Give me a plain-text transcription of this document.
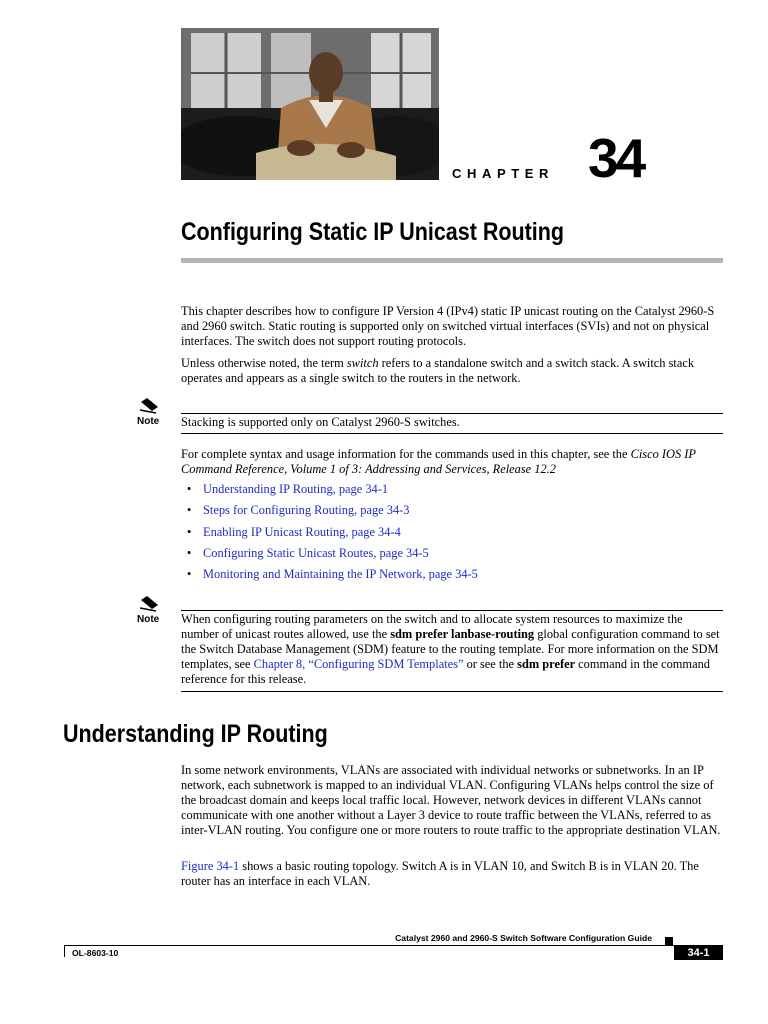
CHAPTER 34
Configuring Static IP Unicast Routing
This chapter describes how to configure IP Version 4 (IPv4) static IP unicast routing on the Catalyst 2960-S and 2960 switch. Static routing is supported only on switched virtual interfaces (SVIs) and not on physical interfaces. The switch does not support routing protocols.
Unless otherwise noted, the term switch refers to a standalone switch and a switch stack. A switch stack operates and appears as a single switch to the routers in the network.
Note Stacking is supported only on Catalyst 2960-S switches.
For complete syntax and usage information for the commands used in this chapter, see the Cisco IOS IP Command Reference, Volume 1 of 3: Addressing and Services, Release 12.2
• Understanding IP Routing, page 34-1
• Steps for Configuring Routing, page 34-3
• Enabling IP Unicast Routing, page 34-4
• Configuring Static Unicast Routes, page 34-5
• Monitoring and Maintaining the IP Network, page 34-5
Note When configuring routing parameters on the switch and to allocate system resources to maximize the number of unicast routes allowed, use the sdm prefer lanbase-routing global configuration command to set the Switch Database Management (SDM) feature to the routing template. For more information on the SDM templates, see Chapter 8, “Configuring SDM Templates” or see the sdm prefer command in the command reference for this release.
Understanding IP Routing
In some network environments, VLANs are associated with individual networks or subnetworks. In an IP network, each subnetwork is mapped to an individual VLAN. Configuring VLANs helps control the size of the broadcast domain and keeps local traffic local. However, network devices in different VLANs cannot communicate with one another without a Layer 3 device to route traffic between the VLANs, referred to as inter-VLAN routing. You configure one or more routers to route traffic to the appropriate destination VLAN.
Figure 34-1 shows a basic routing topology. Switch A is in VLAN 10, and Switch B is in VLAN 20. The router has an interface in each VLAN.
Catalyst 2960 and 2960-S Switch Software Configuration Guide
OL-8603-10	34-1
